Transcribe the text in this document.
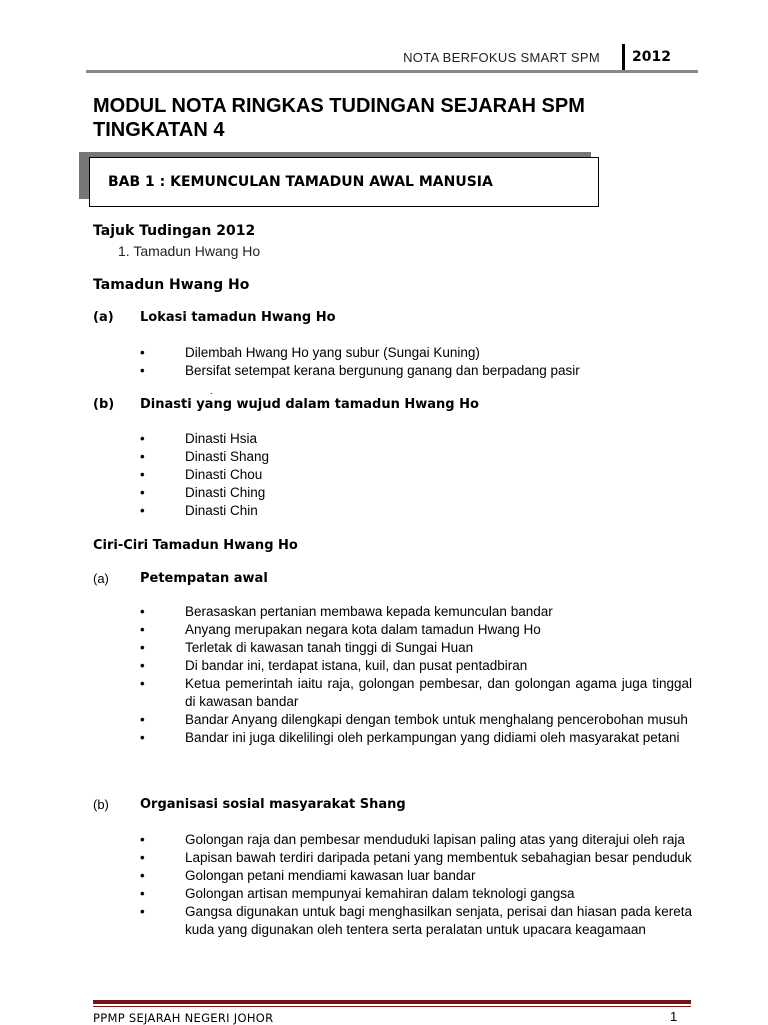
NOTA BERFOKUS SMART SPM 2012
MODUL NOTA RINGKAS TUDINGAN SEJARAH SPM
TINGKATAN 4
BAB 1 : KEMUNCULAN TAMADUN AWAL MANUSIA
Tajuk Tudingan 2012
1. Tamadun Hwang Ho
Tamadun Hwang Ho
(a) Lokasi tamadun Hwang Ho
•	Dilembah Hwang Ho yang subur (Sungai Kuning)
•	Bersifat setempat kerana bergunung ganang dan berpadang pasir
.
(b) Dinasti yang wujud dalam tamadun Hwang Ho
•	Dinasti Hsia
•	Dinasti Shang
•	Dinasti Chou
•	Dinasti Ching
•	Dinasti Chin
Ciri-Ciri Tamadun Hwang Ho
(a) Petempatan awal
•	Berasaskan pertanian membawa kepada kemunculan bandar
•	Anyang merupakan negara kota dalam tamadun Hwang Ho
•	Terletak di kawasan tanah tinggi di Sungai Huan
•	Di bandar ini, terdapat istana, kuil, dan pusat pentadbiran
•	Ketua pemerintah iaitu raja, golongan pembesar, dan golongan agama juga tinggal di kawasan bandar
•	Bandar Anyang dilengkapi dengan tembok untuk menghalang pencerobohan musuh
•	Bandar ini juga dikelilingi oleh perkampungan yang didiami oleh masyarakat petani
(b) Organisasi sosial masyarakat Shang
•	Golongan raja dan pembesar menduduki lapisan paling atas yang diterajui oleh raja
•	Lapisan bawah terdiri daripada petani yang membentuk sebahagian besar penduduk
•	Golongan petani mendiami kawasan luar bandar
•	Golongan artisan mempunyai kemahiran dalam teknologi gangsa
•	Gangsa digunakan untuk bagi menghasilkan senjata, perisai dan hiasan pada kereta kuda yang digunakan oleh tentera serta peralatan untuk upacara keagamaan
PPMP SEJARAH NEGERI JOHOR	1
